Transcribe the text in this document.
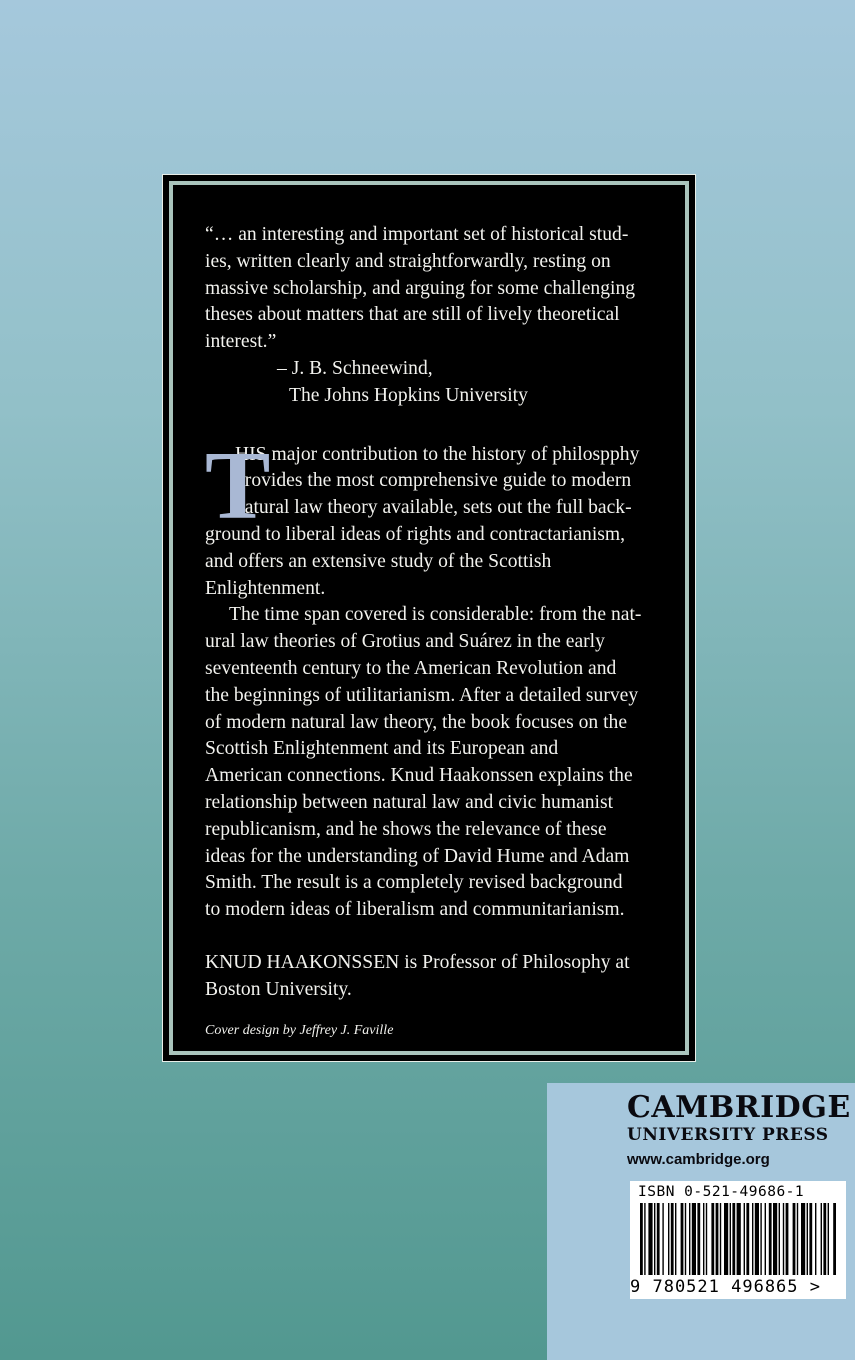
“… an interesting and important set of historical stud-

ies, written clearly and straightforwardly, resting on

massive scholarship, and arguing for some challenging

theses about matters that are still of lively theoretical

interest.”

– J. B. Schneewind,

The Johns Hopkins University

T

HIS major contribution to the history of philospphy

provides the most comprehensive guide to modern

natural law theory available, sets out the full back-

ground to liberal ideas of rights and contractarianism,

and offers an extensive study of the Scottish

Enlightenment.

The time span covered is considerable: from the nat-

ural law theories of Grotius and Suárez in the early

seventeenth century to the American Revolution and

the beginnings of utilitarianism. After a detailed survey

of modern natural law theory, the book focuses on the

Scottish Enlightenment and its European and

American connections. Knud Haakonssen explains the

relationship between natural law and civic humanist

republicanism, and he shows the relevance of these

ideas for the understanding of David Hume and Adam

Smith. The result is a completely revised background

to modern ideas of liberalism and communitarianism.

KNUD HAAKONSSEN is Professor of Philosophy at

Boston University.

Cover design by Jeffrey J. Faville

CAMBRIDGE
UNIVERSITY PRESS
www.cambridge.org
ISBN 0-521-49686-1
9 780521 496865 >
